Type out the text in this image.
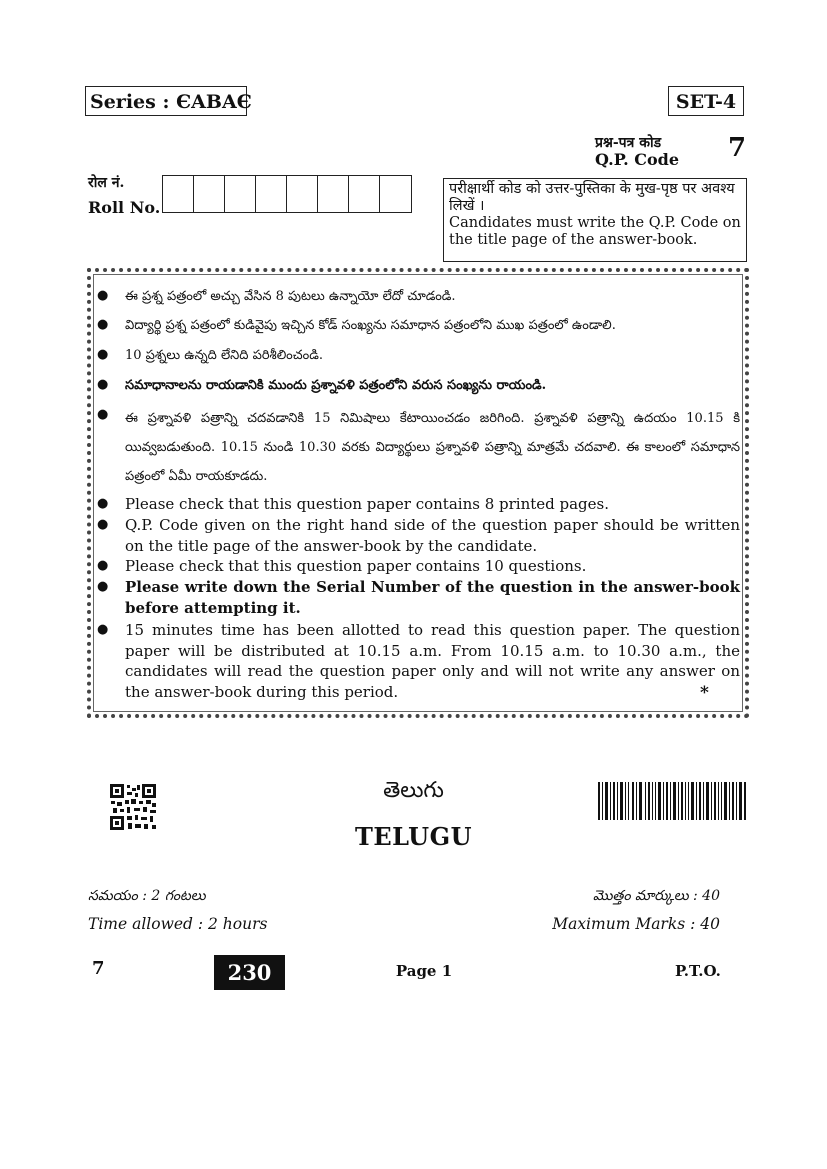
Series : ЄABAЄ	SET-4
प्रश्न-पत्र कोड
Q.P. Code 7
रोल नं.
Roll No.
परीक्षार्थी कोड को उत्तर-पुस्तिका के मुख-पृष्ठ पर अवश्य लिखें ।
Candidates must write the Q.P. Code on the title page of the answer-book.
● ఈ ప్రశ్న పత్రంలో అచ్చు వేసిన 8 పుటలు ఉన్నాయో లేదో చూడండి.
● విద్యార్థి ప్రశ్న పత్రంలో కుడివైపు ఇచ్చిన కోడ్ సంఖ్యను సమాధాన పత్రంలోని ముఖ పత్రంలో ఉండాలి.
● 10 ప్రశ్నలు ఉన్నది లేనిది పరిశీలించండి.
● సమాధానాలను రాయడానికి ముందు ప్రశ్నావళి పత్రంలోని వరుస సంఖ్యను రాయండి.
● ఈ ప్రశ్నావళి పత్రాన్ని చదవడానికి 15 నిమిషాలు కేటాయించడం జరిగింది. ప్రశ్నావళి పత్రాన్ని ఉదయం 10.15 కి యివ్వబడుతుంది. 10.15 నుండి 10.30 వరకు విద్యార్థులు ప్రశ్నావళి పత్రాన్ని మాత్రమే చదవాలి. ఈ కాలంలో సమాధాన పత్రంలో ఏమీ రాయకూడదు.
● Please check that this question paper contains 8 printed pages.
● Q.P. Code given on the right hand side of the question paper should be written on the title page of the answer-book by the candidate.
● Please check that this question paper contains 10 questions.
● Please write down the Serial Number of the question in the answer-book before attempting it.
● 15 minutes time has been allotted to read this question paper. The question paper will be distributed at 10.15 a.m. From 10.15 a.m. to 10.30 a.m., the candidates will read the question paper only and will not write any answer on the answer-book during this period.	*
తెలుగు
TELUGU
సమయం : 2 గంటలు
Time allowed : 2 hours
మొత్తం మార్కులు : 40
Maximum Marks : 40
7	230	Page 1	P.T.O.
